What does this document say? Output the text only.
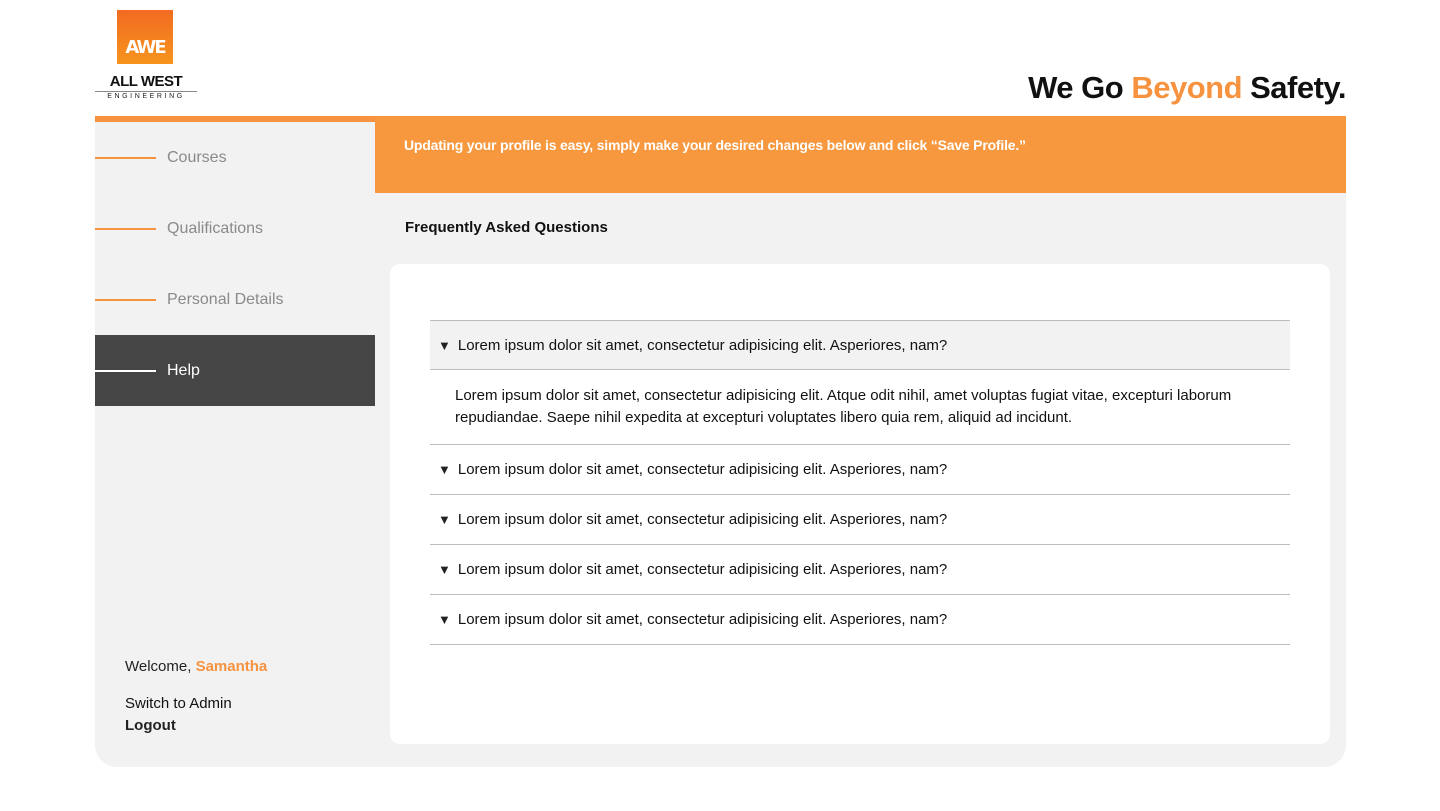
AWE
ALL WEST
ENGINEERING	We Go Beyond Safety.
Updating your profile is easy, simply make your desired changes below and click “Save Profile.”
Courses
Qualifications
Personal Details
Help
Welcome, Samantha
Switch to Admin
Logout
Frequently Asked Questions
▼ Lorem ipsum dolor sit amet, consectetur adipisicing elit. Asperiores, nam?
Lorem ipsum dolor sit amet, consectetur adipisicing elit. Atque odit nihil, amet voluptas fugiat vitae, excepturi laborum repudiandae. Saepe nihil expedita at excepturi voluptates libero quia rem, aliquid ad incidunt.
▼ Lorem ipsum dolor sit amet, consectetur adipisicing elit. Asperiores, nam?
▼ Lorem ipsum dolor sit amet, consectetur adipisicing elit. Asperiores, nam?
▼ Lorem ipsum dolor sit amet, consectetur adipisicing elit. Asperiores, nam?
▼ Lorem ipsum dolor sit amet, consectetur adipisicing elit. Asperiores, nam?
